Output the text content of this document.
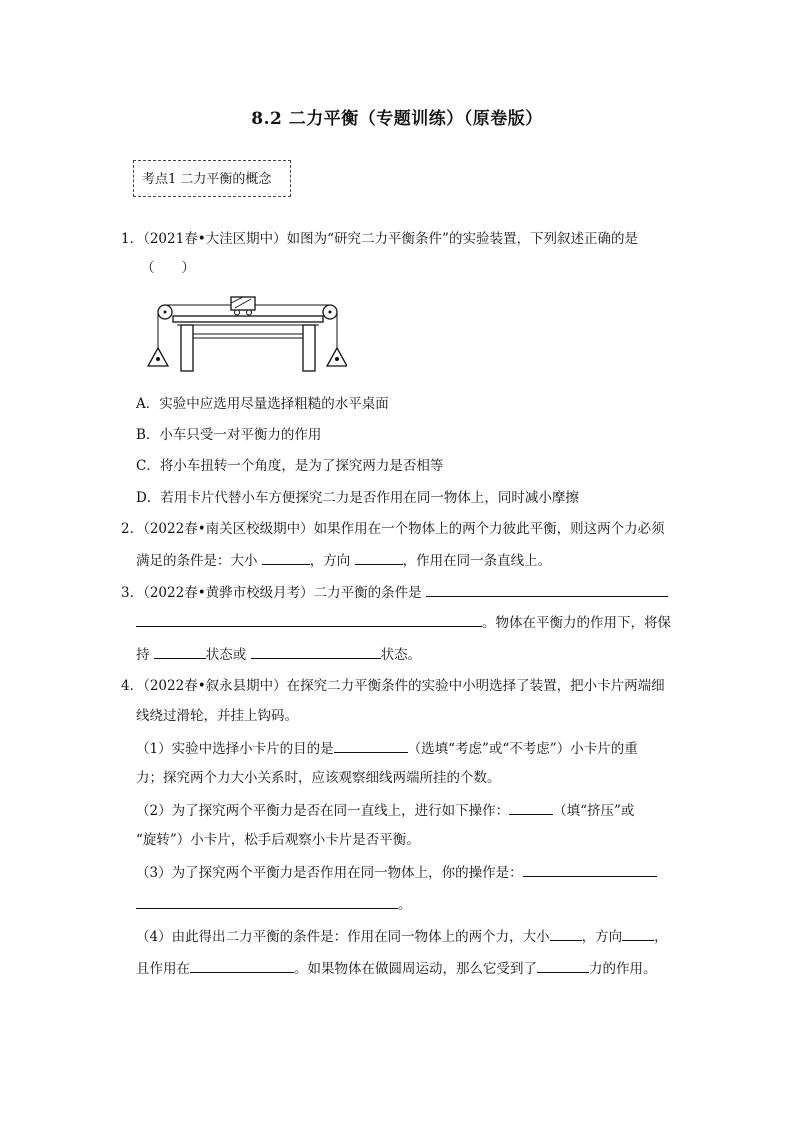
8.2 二力平衡（专题训练）（原卷版）
考点1 二力平衡的概念
1．（2021春•大洼区期中）如图为“研究二力平衡条件”的实验装置，下列叙述正确的是
（　　）
A．实验中应选用尽量选择粗糙的水平桌面
B．小车只受一对平衡力的作用
C．将小车扭转一个角度，是为了探究两力是否相等
D．若用卡片代替小车方便探究二力是否作用在同一物体上，同时减小摩擦
2．（2022春•南关区校级期中）如果作用在一个物体上的两个力彼此平衡，则这两个力必须
满足的条件是：大小	，方向	，作用在同一条直线上。
3．（2022春•黄骅市校级月考）二力平衡的条件是
。物体在平衡力的作用下，将保
持	状态或	状态。
4．（2022春•叙永县期中）在探究二力平衡条件的实验中小明选择了装置，把小卡片两端细
线绕过滑轮，并挂上钩码。
（1）实验中选择小卡片的目的是	（选填“考虑”或“不考虑”）小卡片的重
力；探究两个力大小关系时，应该观察细线两端所挂的个数。
（2）为了探究两个平衡力是否在同一直线上，进行如下操作：	（填“挤压”或
“旋转”）小卡片，松手后观察小卡片是否平衡。
（3）为了探究两个平衡力是否作用在同一物体上，你的操作是：
。
（4）由此得出二力平衡的条件是：作用在同一物体上的两个力，大小 ，方向 ，
且作用在	。如果物体在做圆周运动，那么它受到了	力的作用。
